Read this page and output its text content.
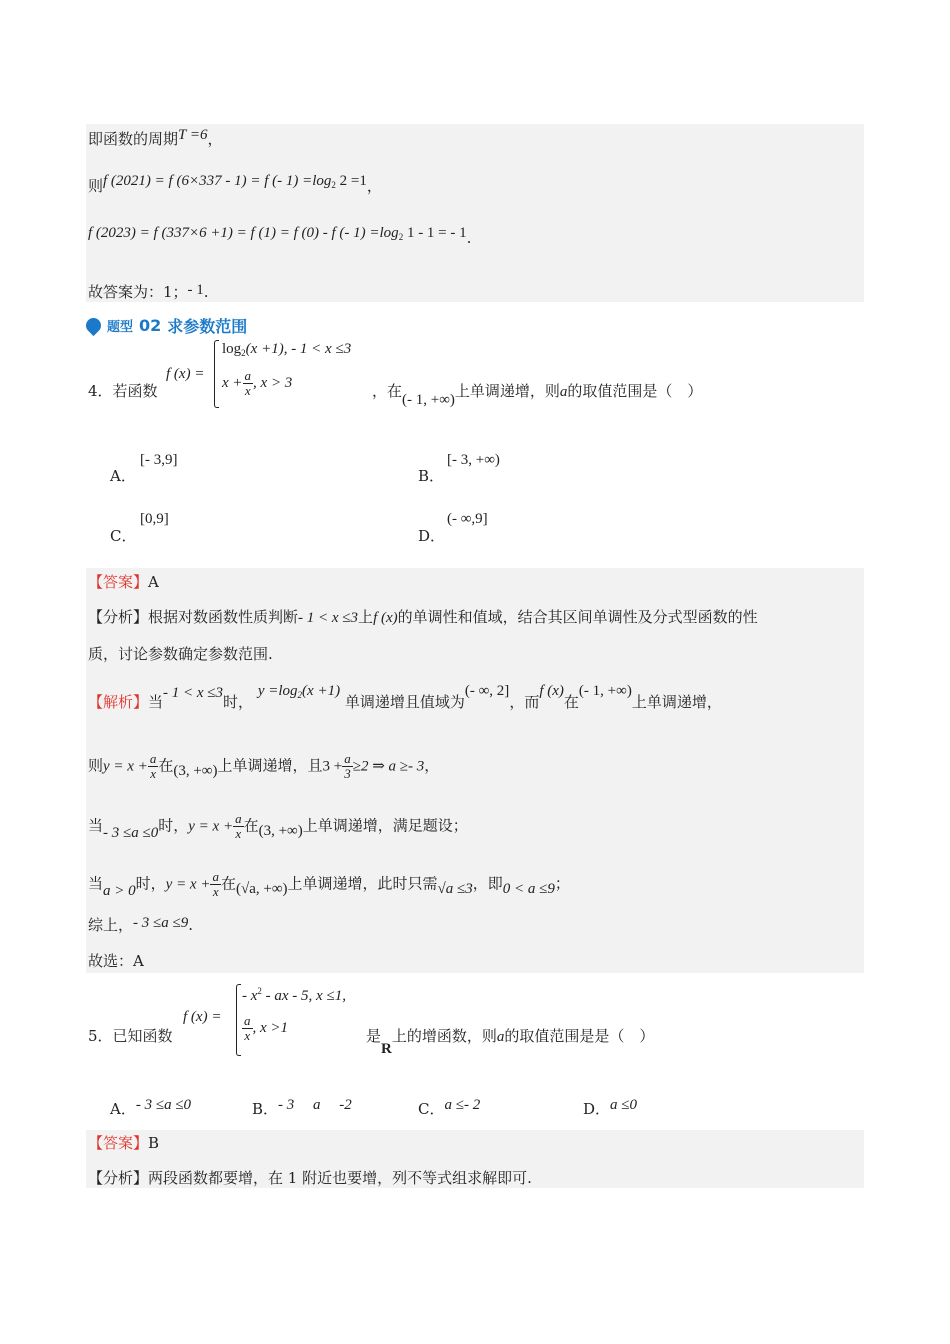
即函数的周期T =6，
则f (2021) = f (6×337 - 1) = f (- $1) =\log_2$ 2 =1，
f (2023) = f (337×6 +1) = f (1) = f (0) - f (- $1) =\log_2$ 1 - 1 = - 1.
故答案为：1；- 1.
题型 02 求参数范围
4．若函数
f (x) =
$\log_2(x +1)$, - 1 < x ≤3
$x + \frac{a}{x}$ , x > 3	，在(- 1, +∞)上单调递增，则a的取值范围是（　）
A．
[- 3,9]
B．
[- 3, +∞)
C．
[0,9]
D．
(- ∞,9]
【答案】A
【分析】根据对数函数性质判断- 1 < x ≤3上f (x)的单调性和值域，结合其区间单调性及分式型函数的性
质，讨论参数确定参数范围.
【解析】当- 1 < x ≤3时， $y =\log_2(x +1)$ 单调递增且值域为(- ∞, 2]，而f (x)在(- 1, +∞)上单调递增，
则$y = x + \frac{a}{x}$ 在(3, +∞)上单调递增，且$3 + \frac{a}{3} \ge 2$ ⇒ a ≥- 3，
当- 3 ≤a ≤0时，$y = x + \frac{a}{x}$ 在(3, +∞)上单调递增，满足题设；
当a > 0时，$y = x + \frac{a}{x}$ 在(√a, +∞)上单调递增，此时只需√a ≤3，即0 < a ≤9；
综上，- 3 ≤a ≤9.
故选：A
5．已知函数
f (x) =
- $x^2$ - ax - 5, x ≤1,
$\frac{a}{x}$ , x >1	是R上的增函数，则a的取值范围是是（　）
A．- 3 ≤a ≤0	B．- 3　 a　 -2	C．a ≤- 2	D．a ≤0
【答案】B
【分析】两段函数都要增，在 1 附近也要增，列不等式组求解即可.
